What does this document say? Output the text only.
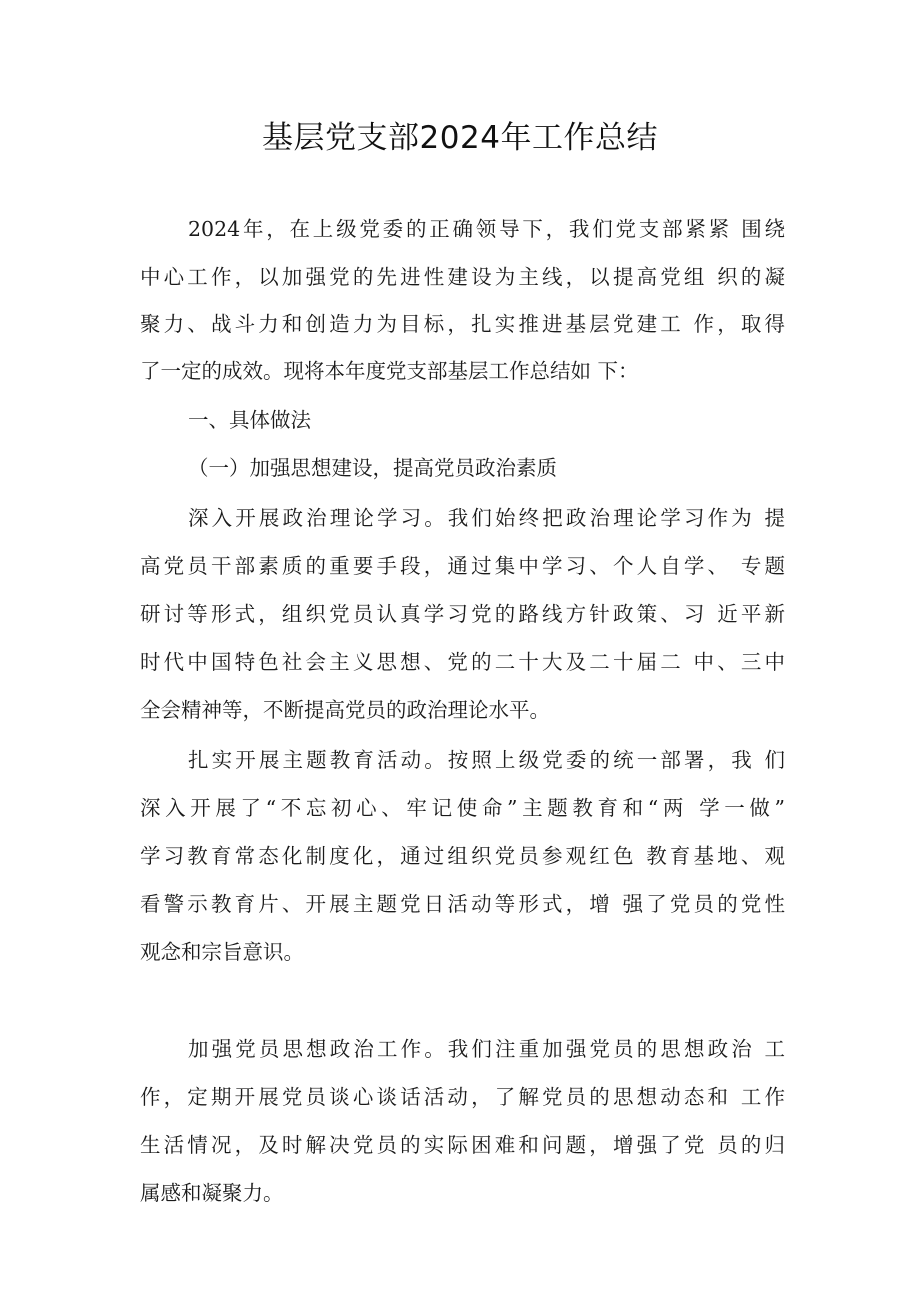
基层党支部2024年工作总结
2024年，在上级党委的正确领导下，我们党支部紧紧 围绕
中心工作，以加强党的先进性建设为主线，以提高党组 织的凝
聚力、战斗力和创造力为目标，扎实推进基层党建工 作，取得
了一定的成效。现将本年度党支部基层工作总结如 下：
一、具体做法
（一）加强思想建设，提高党员政治素质
深入开展政治理论学习。我们始终把政治理论学习作为 提
高党员干部素质的重要手段，通过集中学习、个人自学、 专题
研讨等形式，组织党员认真学习党的路线方针政策、习 近平新
时代中国特色社会主义思想、党的二十大及二十届二 中、三中
全会精神等，不断提高党员的政治理论水平。
扎实开展主题教育活动。按照上级党委的统一部署，我 们
深入开展了“不忘初心、牢记使命”主题教育和“两 学一做”
学习教育常态化制度化，通过组织党员参观红色 教育基地、观
看警示教育片、开展主题党日活动等形式，增 强了党员的党性
观念和宗旨意识。
加强党员思想政治工作。我们注重加强党员的思想政治 工
作，定期开展党员谈心谈话活动，了解党员的思想动态和 工作
生活情况，及时解决党员的实际困难和问题，增强了党 员的归
属感和凝聚力。
